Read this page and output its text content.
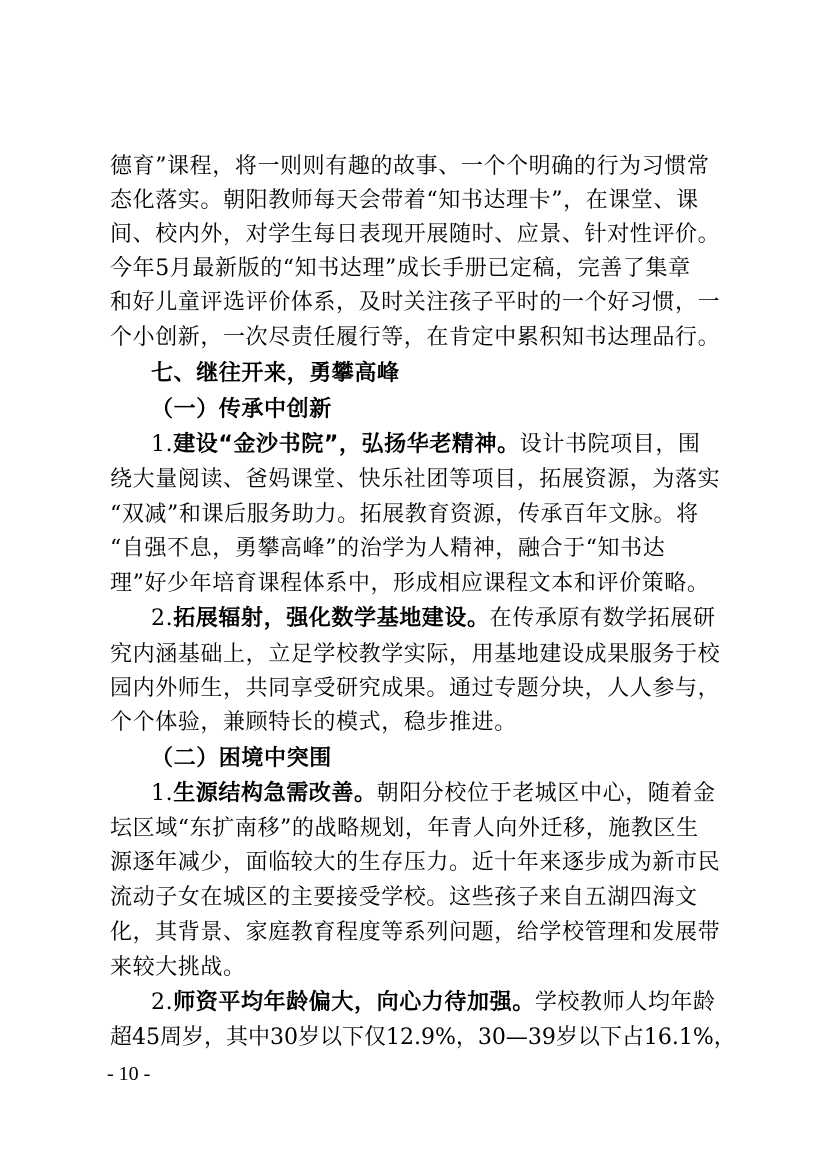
德育”课程，将一则则有趣的故事、一个个明确的行为习惯常
态化落实。朝阳教师每天会带着“知书达理卡”，在课堂、课
间、校内外，对学生每日表现开展随时、应景、针对性评价。
今年5月最新版的“知书达理”成长手册已定稿，完善了集章
和好儿童评选评价体系，及时关注孩子平时的一个好习惯，一
个小创新，一次尽责任履行等，在肯定中累积知书达理品行。
七、继往开来，勇攀高峰
（一）传承中创新
1.建设“金沙书院”，弘扬华老精神。设计书院项目，围
绕大量阅读、爸妈课堂、快乐社团等项目，拓展资源，为落实
“双减”和课后服务助力。拓展教育资源，传承百年文脉。将
“自强不息，勇攀高峰”的治学为人精神，融合于“知书达
理”好少年培育课程体系中，形成相应课程文本和评价策略。
2.拓展辐射，强化数学基地建设。在传承原有数学拓展研
究内涵基础上，立足学校教学实际，用基地建设成果服务于校
园内外师生，共同享受研究成果。通过专题分块，人人参与，
个个体验，兼顾特长的模式，稳步推进。
（二）困境中突围
1.生源结构急需改善。朝阳分校位于老城区中心，随着金
坛区域“东扩南移”的战略规划，年青人向外迁移，施教区生
源逐年减少，面临较大的生存压力。近十年来逐步成为新市民
流动子女在城区的主要接受学校。这些孩子来自五湖四海文
化，其背景、家庭教育程度等系列问题，给学校管理和发展带
来较大挑战。
2.师资平均年龄偏大，向心力待加强。学校教师人均年龄
超45周岁，其中30岁以下仅12.9%，30—39岁以下占16.1%，
- 10 -
